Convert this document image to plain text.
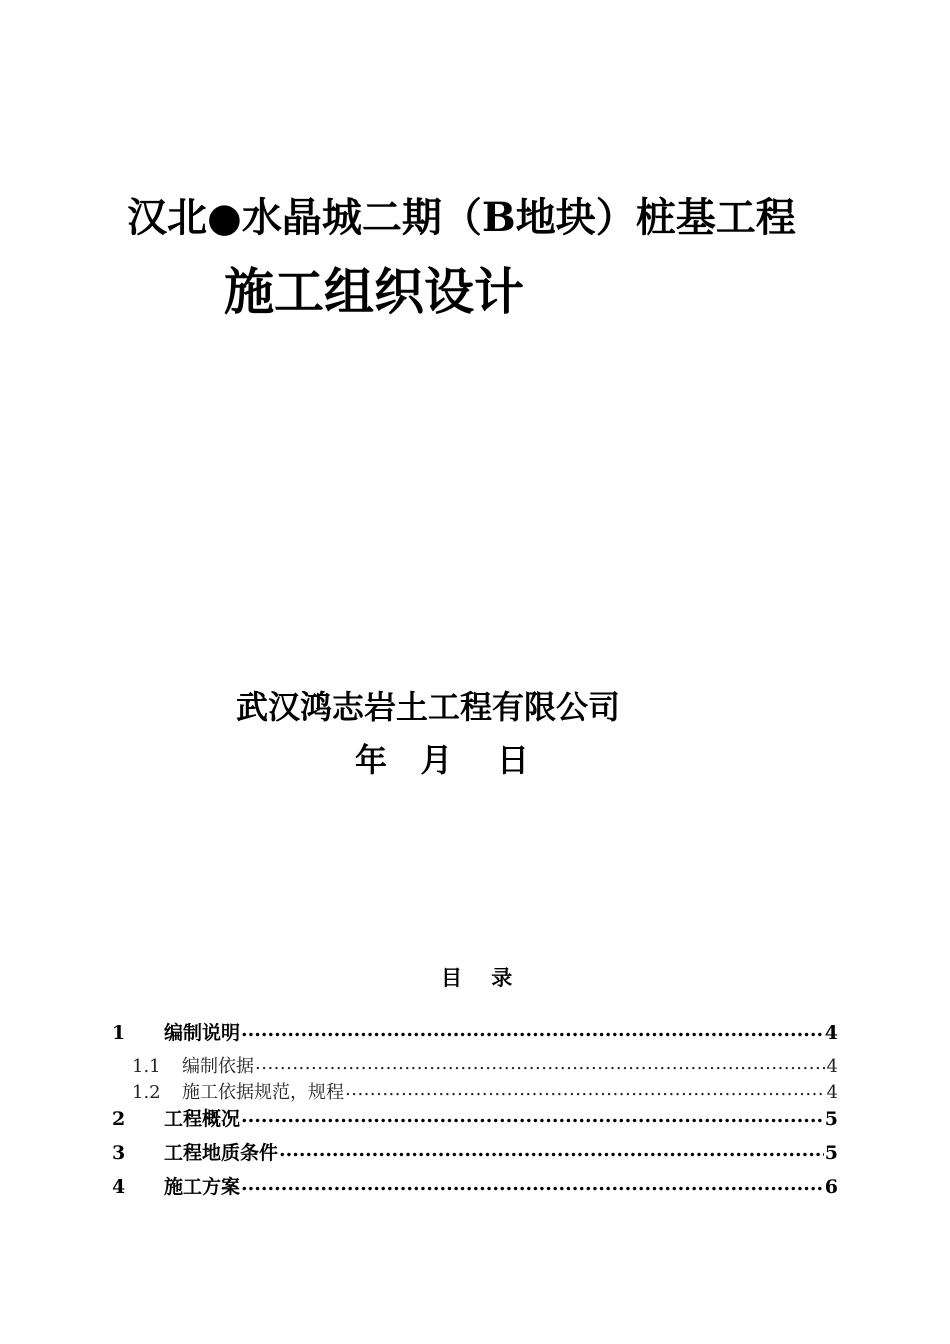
汉北●水晶城二期（B地块）桩基工程
施工组织设计
武汉鸿志岩土工程有限公司
年   月    日
目    录
1	编制说明 .....	4
1.1	编制依据 .....	4
1.2	施工依据规范，规程 .....	4
2	工程概况 .....	5
3	工程地质条件 .....	5
4	施工方案 .....	6
